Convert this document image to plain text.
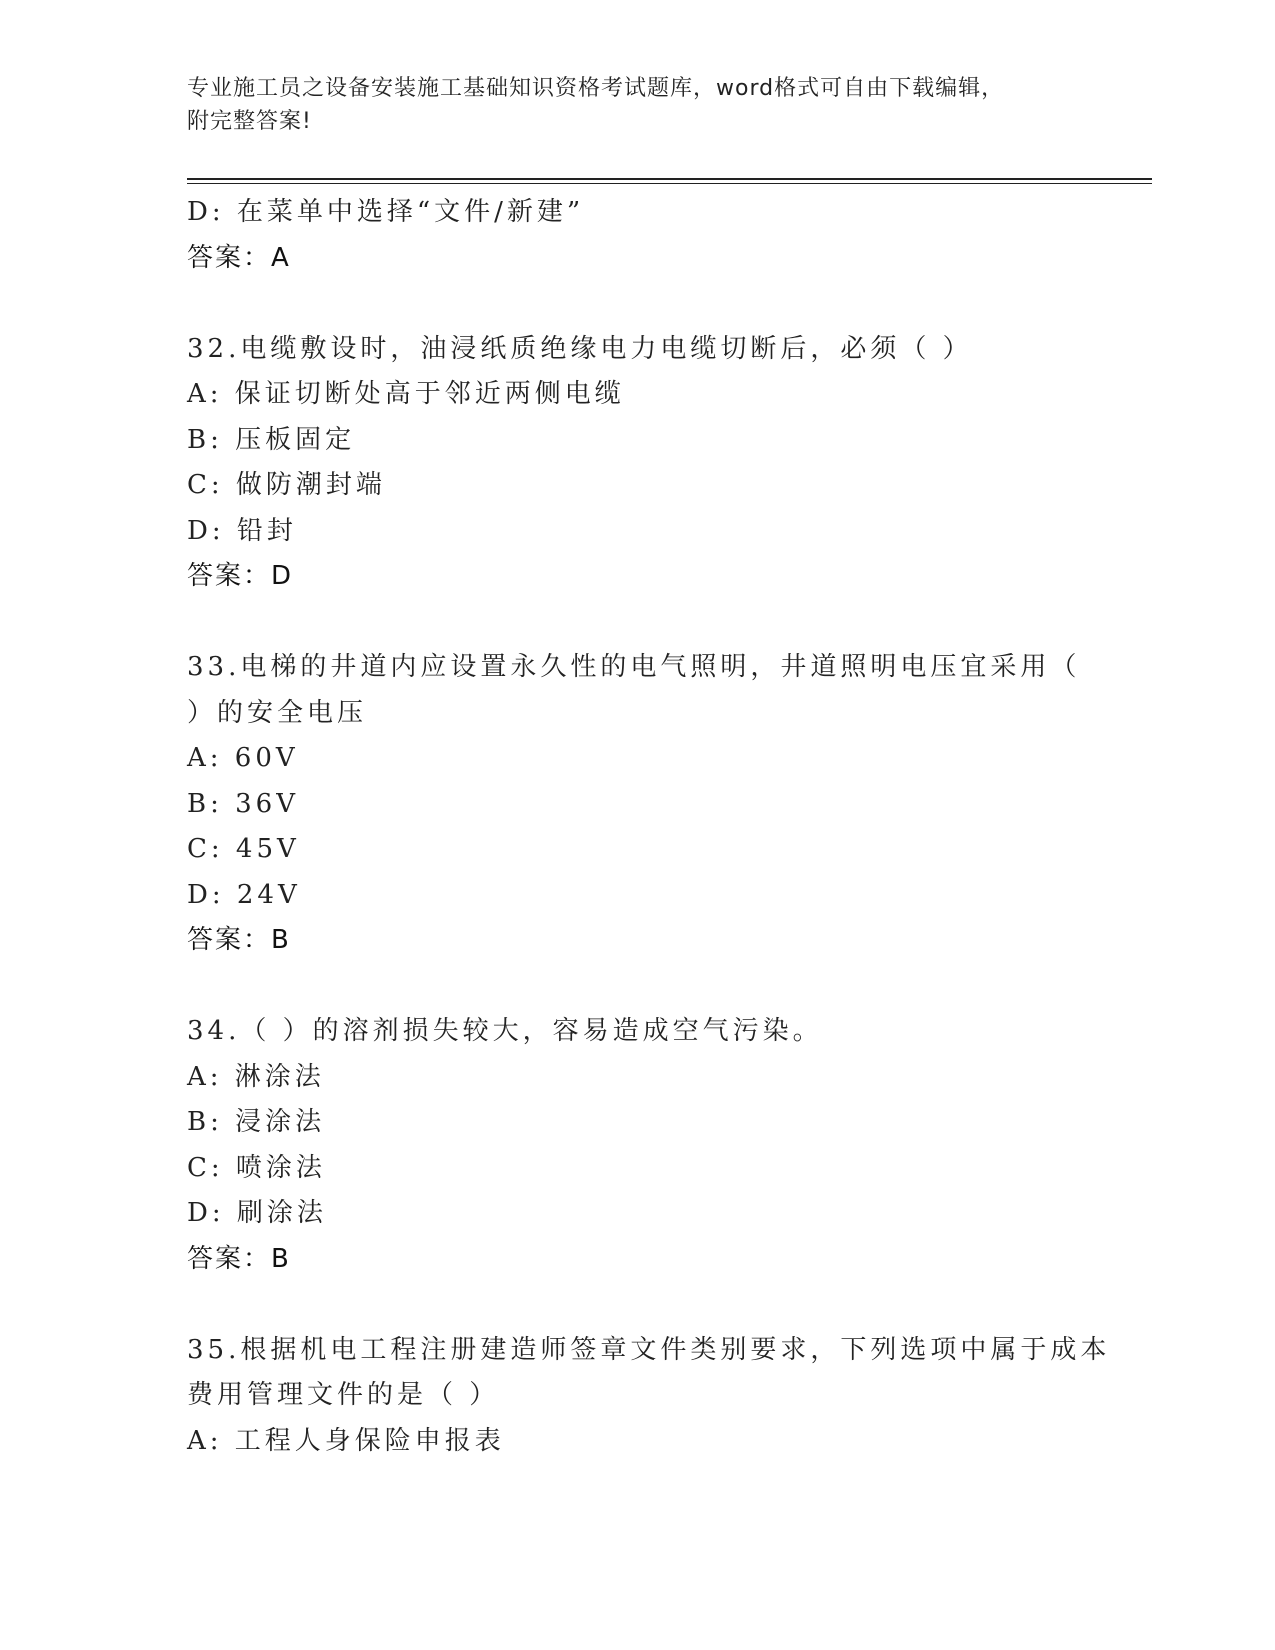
专业施工员之设备安装施工基础知识资格考试题库，word格式可自由下载编辑，
附完整答案!
D: 在菜单中选择“文件/新建”
答案：A
32.电缆敷设时，油浸纸质绝缘电力电缆切断后，必须（ ）
A: 保证切断处高于邻近两侧电缆
B: 压板固定
C: 做防潮封端
D: 铅封
答案：D
33.电梯的井道内应设置永久性的电气照明，井道照明电压宜采用（
）的安全电压
A: 60V
B: 36V
C: 45V
D: 24V
答案：B
34.（ ）的溶剂损失较大，容易造成空气污染。
A: 淋涂法
B: 浸涂法
C: 喷涂法
D: 刷涂法
答案：B
35.根据机电工程注册建造师签章文件类别要求，下列选项中属于成本
费用管理文件的是（ ）
A: 工程人身保险申报表
